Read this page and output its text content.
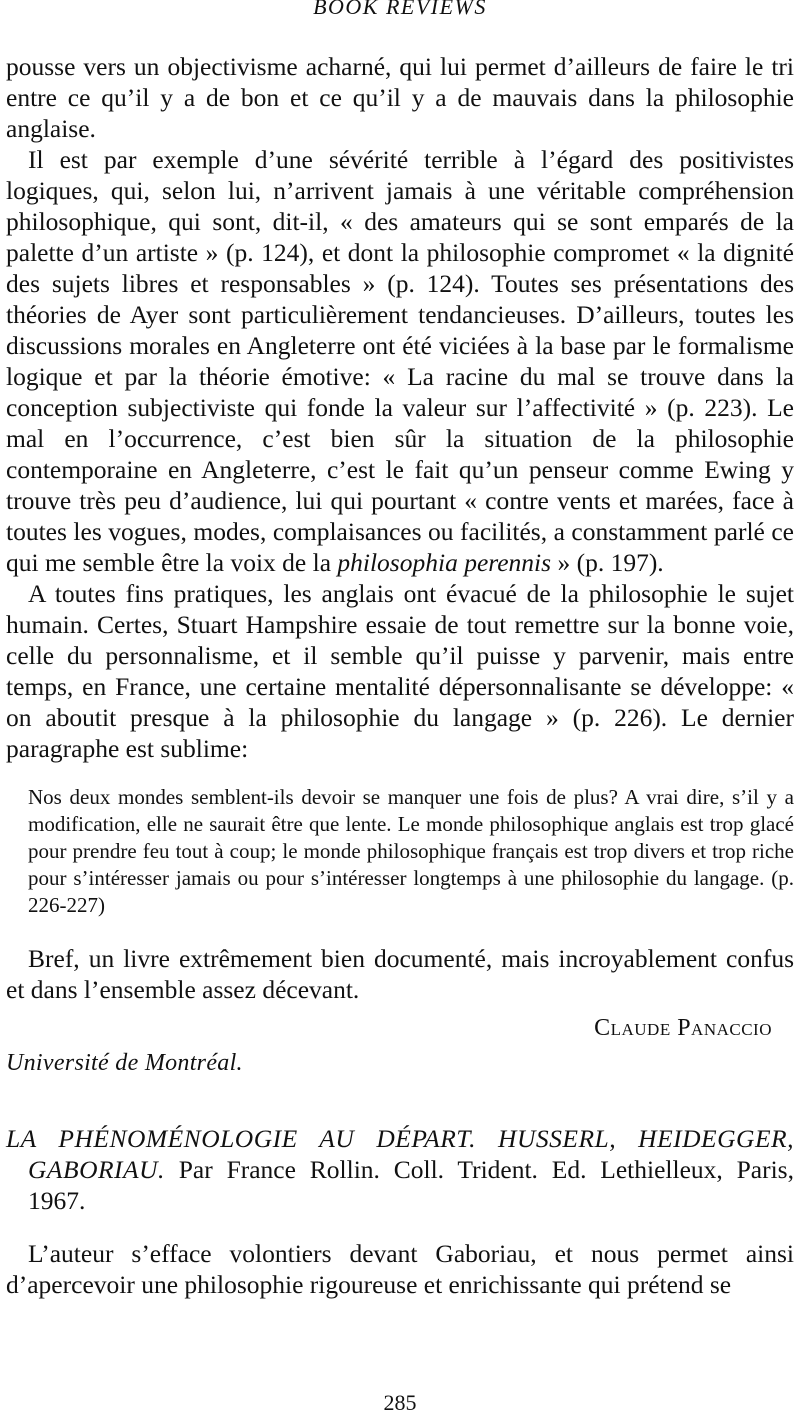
BOOK REVIEWS

pousse vers un objectivisme acharné, qui lui permet d’ailleurs de faire le tri entre ce qu’il y a de bon et ce qu’il y a de mauvais dans la philosophie anglaise.

Il est par exemple d’une sévérité terrible à l’égard des positivistes logiques, qui, selon lui, n’arrivent jamais à une véritable compréhension philosophique, qui sont, dit-il, « des amateurs qui se sont emparés de la palette d’un artiste » (p. 124), et dont la philosophie compromet « la dignité des sujets libres et responsables » (p. 124). Toutes ses présentations des théories de Ayer sont particulièrement tendancieuses. D’ailleurs, toutes les discussions morales en Angleterre ont été viciées à la base par le formalisme logique et par la théorie émotive: « La racine du mal se trouve dans la conception subjectiviste qui fonde la valeur sur l’affectivité » (p. 223). Le mal en l’occurrence, c’est bien sûr la situation de la philosophie contemporaine en Angleterre, c’est le fait qu’un penseur comme Ewing y trouve très peu d’audience, lui qui pourtant « contre vents et marées, face à toutes les vogues, modes, complaisances ou facilités, a constamment parlé ce qui me semble être la voix de la philosophia perennis » (p. 197).

A toutes fins pratiques, les anglais ont évacué de la philosophie le sujet humain. Certes, Stuart Hampshire essaie de tout remettre sur la bonne voie, celle du personnalisme, et il semble qu’il puisse y parvenir, mais entre temps, en France, une certaine mentalité dépersonnalisante se développe: « on aboutit presque à la philosophie du langage » (p. 226). Le dernier paragraphe est sublime:

Nos deux mondes semblent-ils devoir se manquer une fois de plus? A vrai dire, s’il y a modification, elle ne saurait être que lente. Le monde philosophique anglais est trop glacé pour prendre feu tout à coup; le monde philosophique français est trop divers et trop riche pour s’intéresser jamais ou pour s’intéresser longtemps à une philosophie du langage. (p. 226-227)

Bref, un livre extrêmement bien documenté, mais incroyablement confus et dans l’ensemble assez décevant.

Claude Panaccio
Université de Montréal.
LA PHÉNOMÉNOLOGIE AU DÉPART. HUSSERL, HEIDEGGER, GABORIAU. Par France Rollin. Coll. Trident. Ed. Lethielleux, Paris, 1967.

L’auteur s’efface volontiers devant Gaboriau, et nous permet ainsi d’apercevoir une philosophie rigoureuse et enrichissante qui prétend se

285
